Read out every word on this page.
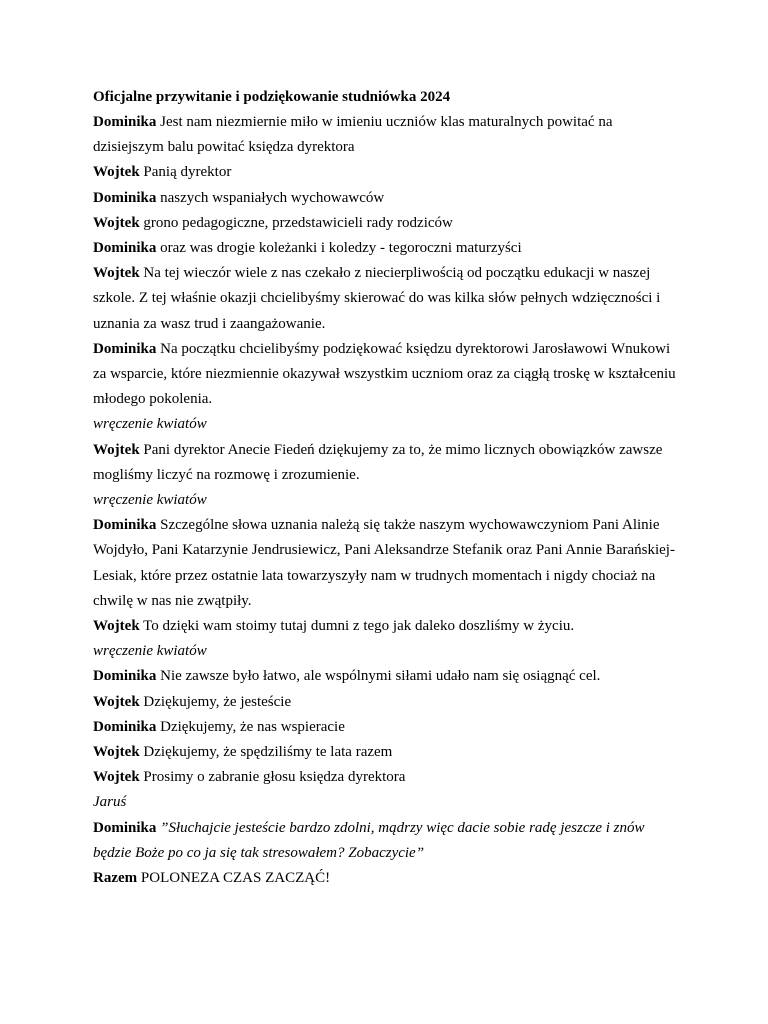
Oficjalne przywitanie i podziękowanie studniówka 2024

Dominika Jest nam niezmiernie miło w imieniu uczniów klas maturalnych powitać na dzisiejszym balu powitać księdza dyrektora

Wojtek Panią dyrektor

Dominika naszych wspaniałych wychowawców

Wojtek grono pedagogiczne, przedstawicieli rady rodziców

Dominika oraz was drogie koleżanki i koledzy - tegoroczni maturzyści

Wojtek Na tej wieczór wiele z nas czekało z niecierpliwością od początku edukacji w naszej szkole. Z tej właśnie okazji chcielibyśmy skierować do was kilka słów pełnych wdzięczności i uznania za wasz trud i zaangażowanie.

Dominika Na początku chcielibyśmy podziękować księdzu dyrektorowi Jarosławowi Wnukowi za wsparcie, które niezmiennie okazywał wszystkim uczniom oraz za ciągłą troskę w kształceniu młodego pokolenia.

wręczenie kwiatów

Wojtek Pani dyrektor Anecie Fiedeń dziękujemy za to, że mimo licznych obowiązków zawsze mogliśmy liczyć na rozmowę i zrozumienie.

wręczenie kwiatów

Dominika Szczególne słowa uznania należą się także naszym wychowawczyniom Pani Alinie Wojdyło, Pani Katarzynie Jendrusiewicz, Pani Aleksandrze Stefanik oraz Pani Annie Barańskiej- Lesiak, które przez ostatnie lata towarzyszyły nam w trudnych momentach i nigdy chociaż na chwilę w nas nie zwątpiły.

Wojtek To dzięki wam stoimy tutaj dumni z tego jak daleko doszliśmy w życiu.

wręczenie kwiatów

Dominika Nie zawsze było łatwo, ale wspólnymi siłami udało nam się osiągnąć cel.

Wojtek Dziękujemy, że jesteście

Dominika Dziękujemy, że nas wspieracie

Wojtek Dziękujemy, że spędziliśmy te lata razem

Wojtek Prosimy o zabranie głosu księdza dyrektora

Jaruś

Dominika ”Słuchajcie jesteście bardzo zdolni, mądrzy więc dacie sobie radę jeszcze i znów będzie Boże po co ja się tak stresowałem? Zobaczycie”

Razem POLONEZA CZAS ZACZĄĆ!
